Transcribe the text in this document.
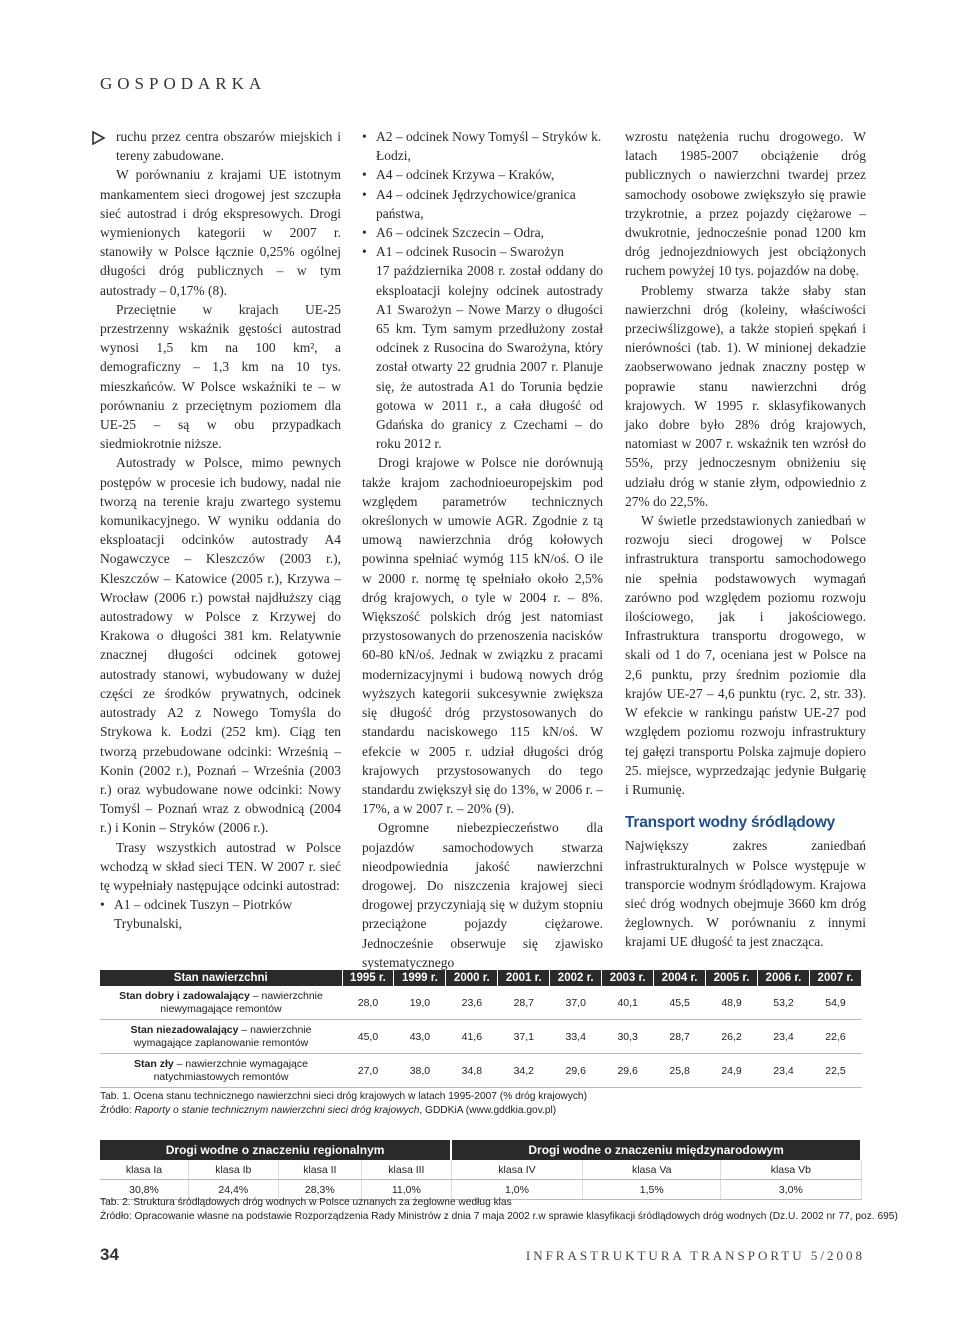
GOSPODARKA

ruchu przez centra obszarów miejskich i tereny zabudowane.

W porównaniu z krajami UE istotnym mankamentem sieci drogowej jest szczupła sieć autostrad i dróg ekspresowych. Drogi wymienionych kategorii w 2007 r. stanowiły w Polsce łącznie 0,25% ogólnej długości dróg publicznych – w tym autostrady – 0,17% (8).

Przeciętnie w krajach UE-25 przestrzenny wskaźnik gęstości autostrad wynosi 1,5 km na 100 km², a demograficzny – 1,3 km na 10 tys. mieszkańców. W Polsce wskaźniki te – w porównaniu z przeciętnym poziomem dla UE-25 – są w obu przypadkach siedmiokrotnie niższe.

Autostrady w Polsce, mimo pewnych postępów w procesie ich budowy, nadal nie tworzą na terenie kraju zwartego systemu komunikacyjnego. W wyniku oddania do eksploatacji odcinków autostrady A4 Nogawczyce – Kleszczów (2003 r.), Kleszczów – Katowice (2005 r.), Krzywa – Wrocław (2006 r.) powstał najdłuższy ciąg autostradowy w Polsce z Krzywej do Krakowa o długości 381 km. Relatywnie znacznej długości odcinek gotowej autostrady stanowi, wybudowany w dużej części ze środków prywatnych, odcinek autostrady A2 z Nowego Tomyśla do Strykowa k. Łodzi (252 km). Ciąg ten tworzą przebudowane odcinki: Wrześnią – Konin (2002 r.), Poznań – Września (2003 r.) oraz wybudowane nowe odcinki: Nowy Tomyśl – Poznań wraz z obwodnicą (2004 r.) i Konin – Stryków (2006 r.).

Trasy wszystkich autostrad w Polsce wchodzą w skład sieci TEN. W 2007 r. sieć tę wypełniały następujące odcinki autostrad:

• A1 – odcinek Tuszyn – Piotrków Trybunalski,
• A2 – odcinek Nowy Tomyśl – Stryków k. Łodzi,
• A4 – odcinek Krzywa – Kraków,
• A4 – odcinek Jędrzychowice/granica państwa,
• A6 – odcinek Szczecin – Odra,
• A1 – odcinek Rusocin – Swarożyn

17 października 2008 r. został oddany do eksploatacji kolejny odcinek autostrady A1 Swarożyn – Nowe Marzy o długości 65 km. Tym samym przedłużony został odcinek z Rusocina do Swarożyna, który został otwarty 22 grudnia 2007 r. Planuje się, że autostrada A1 do Torunia będzie gotowa w 2011 r., a cała długość od Gdańska do granicy z Czechami – do roku 2012 r.

Drogi krajowe w Polsce nie dorównują także krajom zachodnioeuropejskim pod względem parametrów technicznych określonych w umowie AGR. Zgodnie z tą umową nawierzchnia dróg kołowych powinna spełniać wymóg 115 kN/oś. O ile w 2000 r. normę tę spełniało około 2,5% dróg krajowych, o tyle w 2004 r. – 8%. Większość polskich dróg jest natomiast przystosowanych do przenoszenia nacisków 60-80 kN/oś. Jednak w związku z pracami modernizacyjnymi i budową nowych dróg wyższych kategorii sukcesywnie zwiększa się długość dróg przystosowanych do standardu naciskowego 115 kN/oś. W efekcie w 2005 r. udział długości dróg krajowych przystosowanych do tego standardu zwiększył się do 13%, w 2006 r. – 17%, a w 2007 r. – 20% (9).

Ogromne niebezpieczeństwo dla pojazdów samochodowych stwarza nieodpowiednia jakość nawierzchni drogowej. Do niszczenia krajowej sieci drogowej przyczyniają się w dużym stopniu przeciążone pojazdy ciężarowe. Jednocześnie obserwuje się zjawisko systematycznego

wzrostu natężenia ruchu drogowego. W latach 1985-2007 obciążenie dróg publicznych o nawierzchni twardej przez samochody osobowe zwiększyło się prawie trzykrotnie, a przez pojazdy ciężarowe – dwukrotnie, jednocześnie ponad 1200 km dróg jednojezdniowych jest obciążonych ruchem powyżej 10 tys. pojazdów na dobę.

Problemy stwarza także słaby stan nawierzchni dróg (koleiny, właściwości przeciwślizgowe), a także stopień spękań i nierówności (tab. 1). W minionej dekadzie zaobserwowano jednak znaczny postęp w poprawie stanu nawierzchni dróg krajowych. W 1995 r. sklasyfikowanych jako dobre było 28% dróg krajowych, natomiast w 2007 r. wskaźnik ten wzrósł do 55%, przy jednoczesnym obniżeniu się udziału dróg w stanie złym, odpowiednio z 27% do 22,5%.

W świetle przedstawionych zaniedbań w rozwoju sieci drogowej w Polsce infrastruktura transportu samochodowego nie spełnia podstawowych wymagań zarówno pod względem poziomu rozwoju ilościowego, jak i jakościowego. Infrastruktura transportu drogowego, w skali od 1 do 7, oceniana jest w Polsce na 2,6 punktu, przy średnim poziomie dla krajów UE-27 – 4,6 punktu (ryc. 2, str. 33). W efekcie w rankingu państw UE-27 pod względem poziomu rozwoju infrastruktury tej gałęzi transportu Polska zajmuje dopiero 25. miejsce, wyprzedzając jedynie Bułgarię i Rumunię.

Transport wodny śródlądowy

Największy zakres zaniedbań infrastrukturalnych w Polsce występuje w transporcie wodnym śródlądowym. Krajowa sieć dróg wodnych obejmuje 3660 km dróg żeglownych. W porównaniu z innymi krajami UE długość ta jest znacząca.

Stan nawierzchni	1995 r.	1999 r.	2000 r.	2001 r.	2002 r.	2003 r.	2004 r.	2005 r.	2006 r.	2007 r.
Stan dobry i zadowalający – nawierzchnie niewymagające remontów	28,0	19,0	23,6	28,7	37,0	40,1	45,5	48,9	53,2	54,9
Stan niezadowalający – nawierzchnie wymagające zaplanowanie remontów	45,0	43,0	41,6	37,1	33,4	30,3	28,7	26,2	23,4	22,6
Stan zły – nawierzchnie wymagające natychmiastowych remontów	27,0	38,0	34,8	34,2	29,6	29,6	25,8	24,9	23,4	22,5
Tab. 1. Ocena stanu technicznego nawierzchni sieci dróg krajowych w latach 1995-2007 (% dróg krajowych)
Źródło: Raporty o stanie technicznym nawierzchni sieci dróg krajowych, GDDKiA (www.gddkia.gov.pl)
Drogi wodne o znaczeniu regionalnym				Drogi wodne o znaczeniu międzynarodowym		
klasa Ia	klasa Ib	klasa II	klasa III	klasa IV	klasa Va	klasa Vb
30,8%	24,4%	28,3%	11,0%	1,0%	1,5%	3,0%
Tab. 2. Struktura śródlądowych dróg wodnych w Polsce uznanych za żeglowne według klas
Źródło: Opracowanie własne na podstawie Rozporządzenia Rady Ministrów z dnia 7 maja 2002 r.w sprawie klasyfikacji śródlądowych dróg wodnych (Dz.U. 2002 nr 77, poz. 695)
34	INFRASTRUKTURA TRANSPORTU 5/2008
